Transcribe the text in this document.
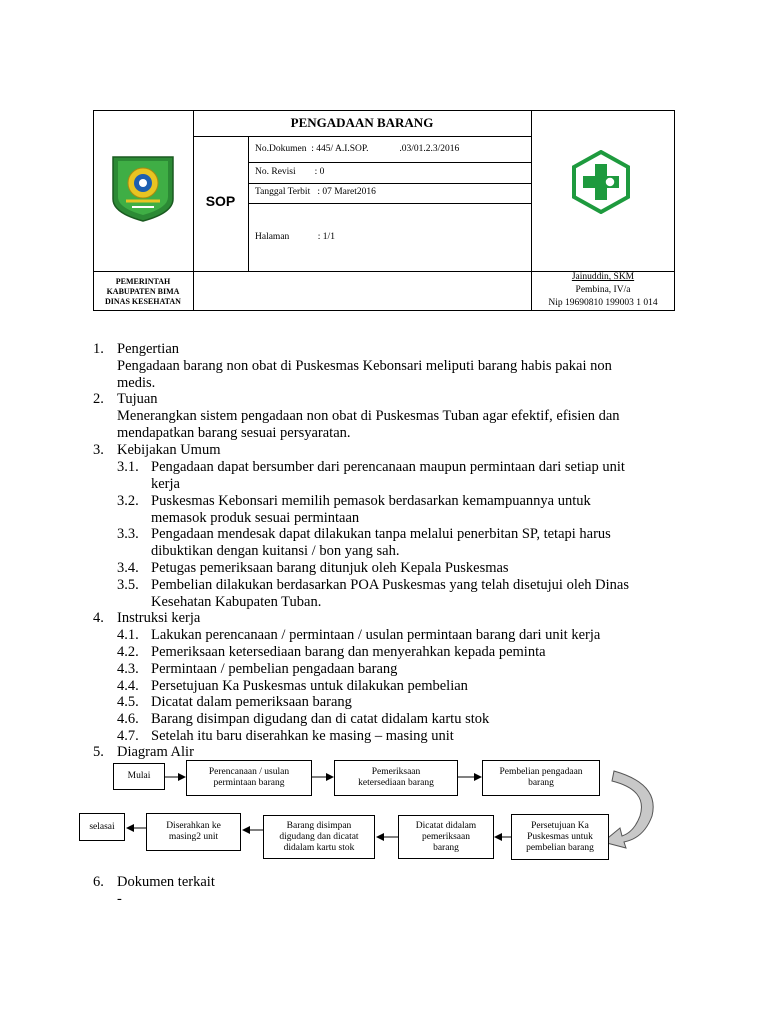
PENGADAAN BARANG
SOP
No.Dokumen  : 445/ A.I.SOP.             .03/01.2.3/2016
No. Revisi        : 0
Tanggal Terbit   : 07 Maret2016
Halaman            : 1/1
PEMERINTAH
KABUPATEN BIMA
DINAS KESEHATAN
Jainuddin, SKM
Pembina, IV/a
Nip 19690810 199003 1 014
1. Pengertian
Pengadaan barang non obat di Puskesmas Kebonsari meliputi barang habis pakai non
medis.
2. Tujuan
Menerangkan sistem pengadaan non obat di Puskesmas Tuban agar efektif, efisien dan
mendapatkan barang sesuai persyaratan.
3. Kebijakan Umum
3.1. Pengadaan dapat bersumber dari perencanaan maupun permintaan dari setiap unit
kerja
3.2. Puskesmas Kebonsari memilih pemasok berdasarkan kemampuannya untuk
memasok produk sesuai permintaan
3.3. Pengadaan mendesak dapat dilakukan tanpa melalui penerbitan SP, tetapi harus
dibuktikan dengan kuitansi / bon yang sah.
3.4. Petugas pemeriksaan barang ditunjuk oleh Kepala Puskesmas
3.5. Pembelian dilakukan berdasarkan POA Puskesmas yang telah disetujui oleh Dinas
Kesehatan Kabupaten Tuban.
4. Instruksi kerja
4.1. Lakukan perencanaan / permintaan / usulan permintaan barang dari unit kerja
4.2. Pemeriksaan ketersediaan barang dan menyerahkan kepada peminta
4.3. Permintaan / pembelian pengadaan barang
4.4. Persetujuan Ka Puskesmas untuk dilakukan pembelian
4.5. Dicatat dalam pemeriksaan barang
4.6. Barang disimpan digudang dan di catat didalam kartu stok
4.7. Setelah itu baru diserahkan ke masing – masing unit
5. Diagram Alir
6. Dokumen terkait
-
Mulai	Perencanaan / usulan
permintaan barang
Pemeriksaan
ketersediaan barang
Pembelian pengadaan
barang
Persetujuan Ka
Puskesmas untuk
pembelian barang
Dicatat didalam
pemeriksaan
barang
Barang disimpan
digudang dan dicatat
didalam kartu stok
Diserahkan ke
masing2 unit
selasai
